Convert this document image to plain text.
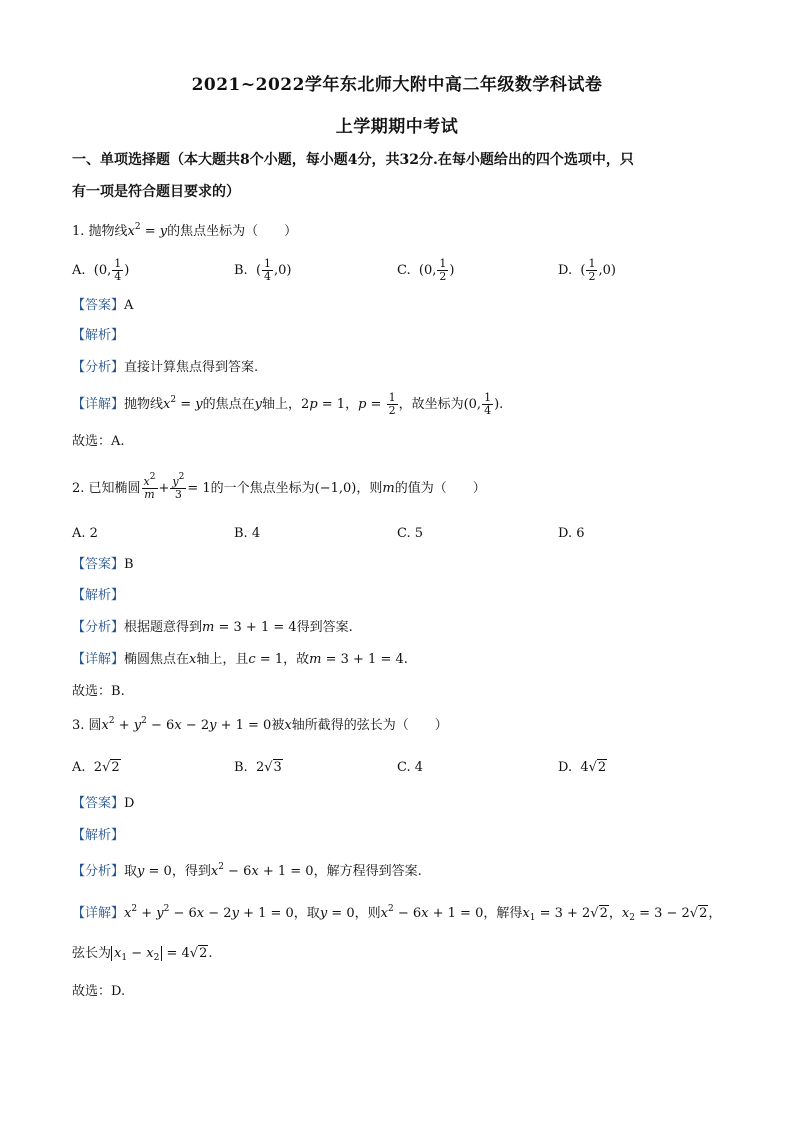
2021~2022学年东北师大附中高二年级数学科试卷
上学期期中考试
一、单项选择题（本大题共8个小题，每小题4分，共32分.在每小题给出的四个选项中，只
有一项是符合题目要求的）
1. 抛物线$x^2 = y$的焦点坐标为（　　）
A.  (0, $\frac{1}{4}$ )	B.  ( $\frac{1}{4} ,0$)	C.  (0, $\frac{1}{2}$ )	D.  ( $\frac{1}{2} ,0$)
【答案】A
【解析】
【分析】直接计算焦点得到答案.
【详解】抛物线$x^2 = y$的焦点在y轴上，2p = 1，$p = \frac{1}{2}$ ，故坐标为(0, $\frac{1}{4}$ ).
故选：A.
2. 已知椭圆 $\frac{x^2}{m} + \frac{y^2}{3} = 1$的一个焦点坐标为(−1,0)，则m的值为（　　）
A. 2	B. 4	C. 5	D. 6
【答案】B
【解析】
【分析】根据题意得到m = 3 + 1 = 4得到答案.
【详解】椭圆焦点在x轴上，且c = 1，故m = 3 + 1 = 4.
故选：B.
3. 圆$x^2 + y^2 - 6x - 2y + 1 = 0$被x轴所截得的弦长为（　　）
A.  2√2	B.  2√3	C. 4	D.  4√2
【答案】D
【解析】
【分析】取y = 0，得到$x^2 - 6x + 1 = 0$，解方程得到答案.
【详解】$x^2 + y^2 - 6x - 2y + 1 = 0$，取y = 0，则$x^2 - 6x + 1 = 0$，解得$x_1 = 3 + 2√2$，$x_2 = 3 - 2√2$，
弦长为 $x_1 - x_2 = 4√2$.
故选：D.
